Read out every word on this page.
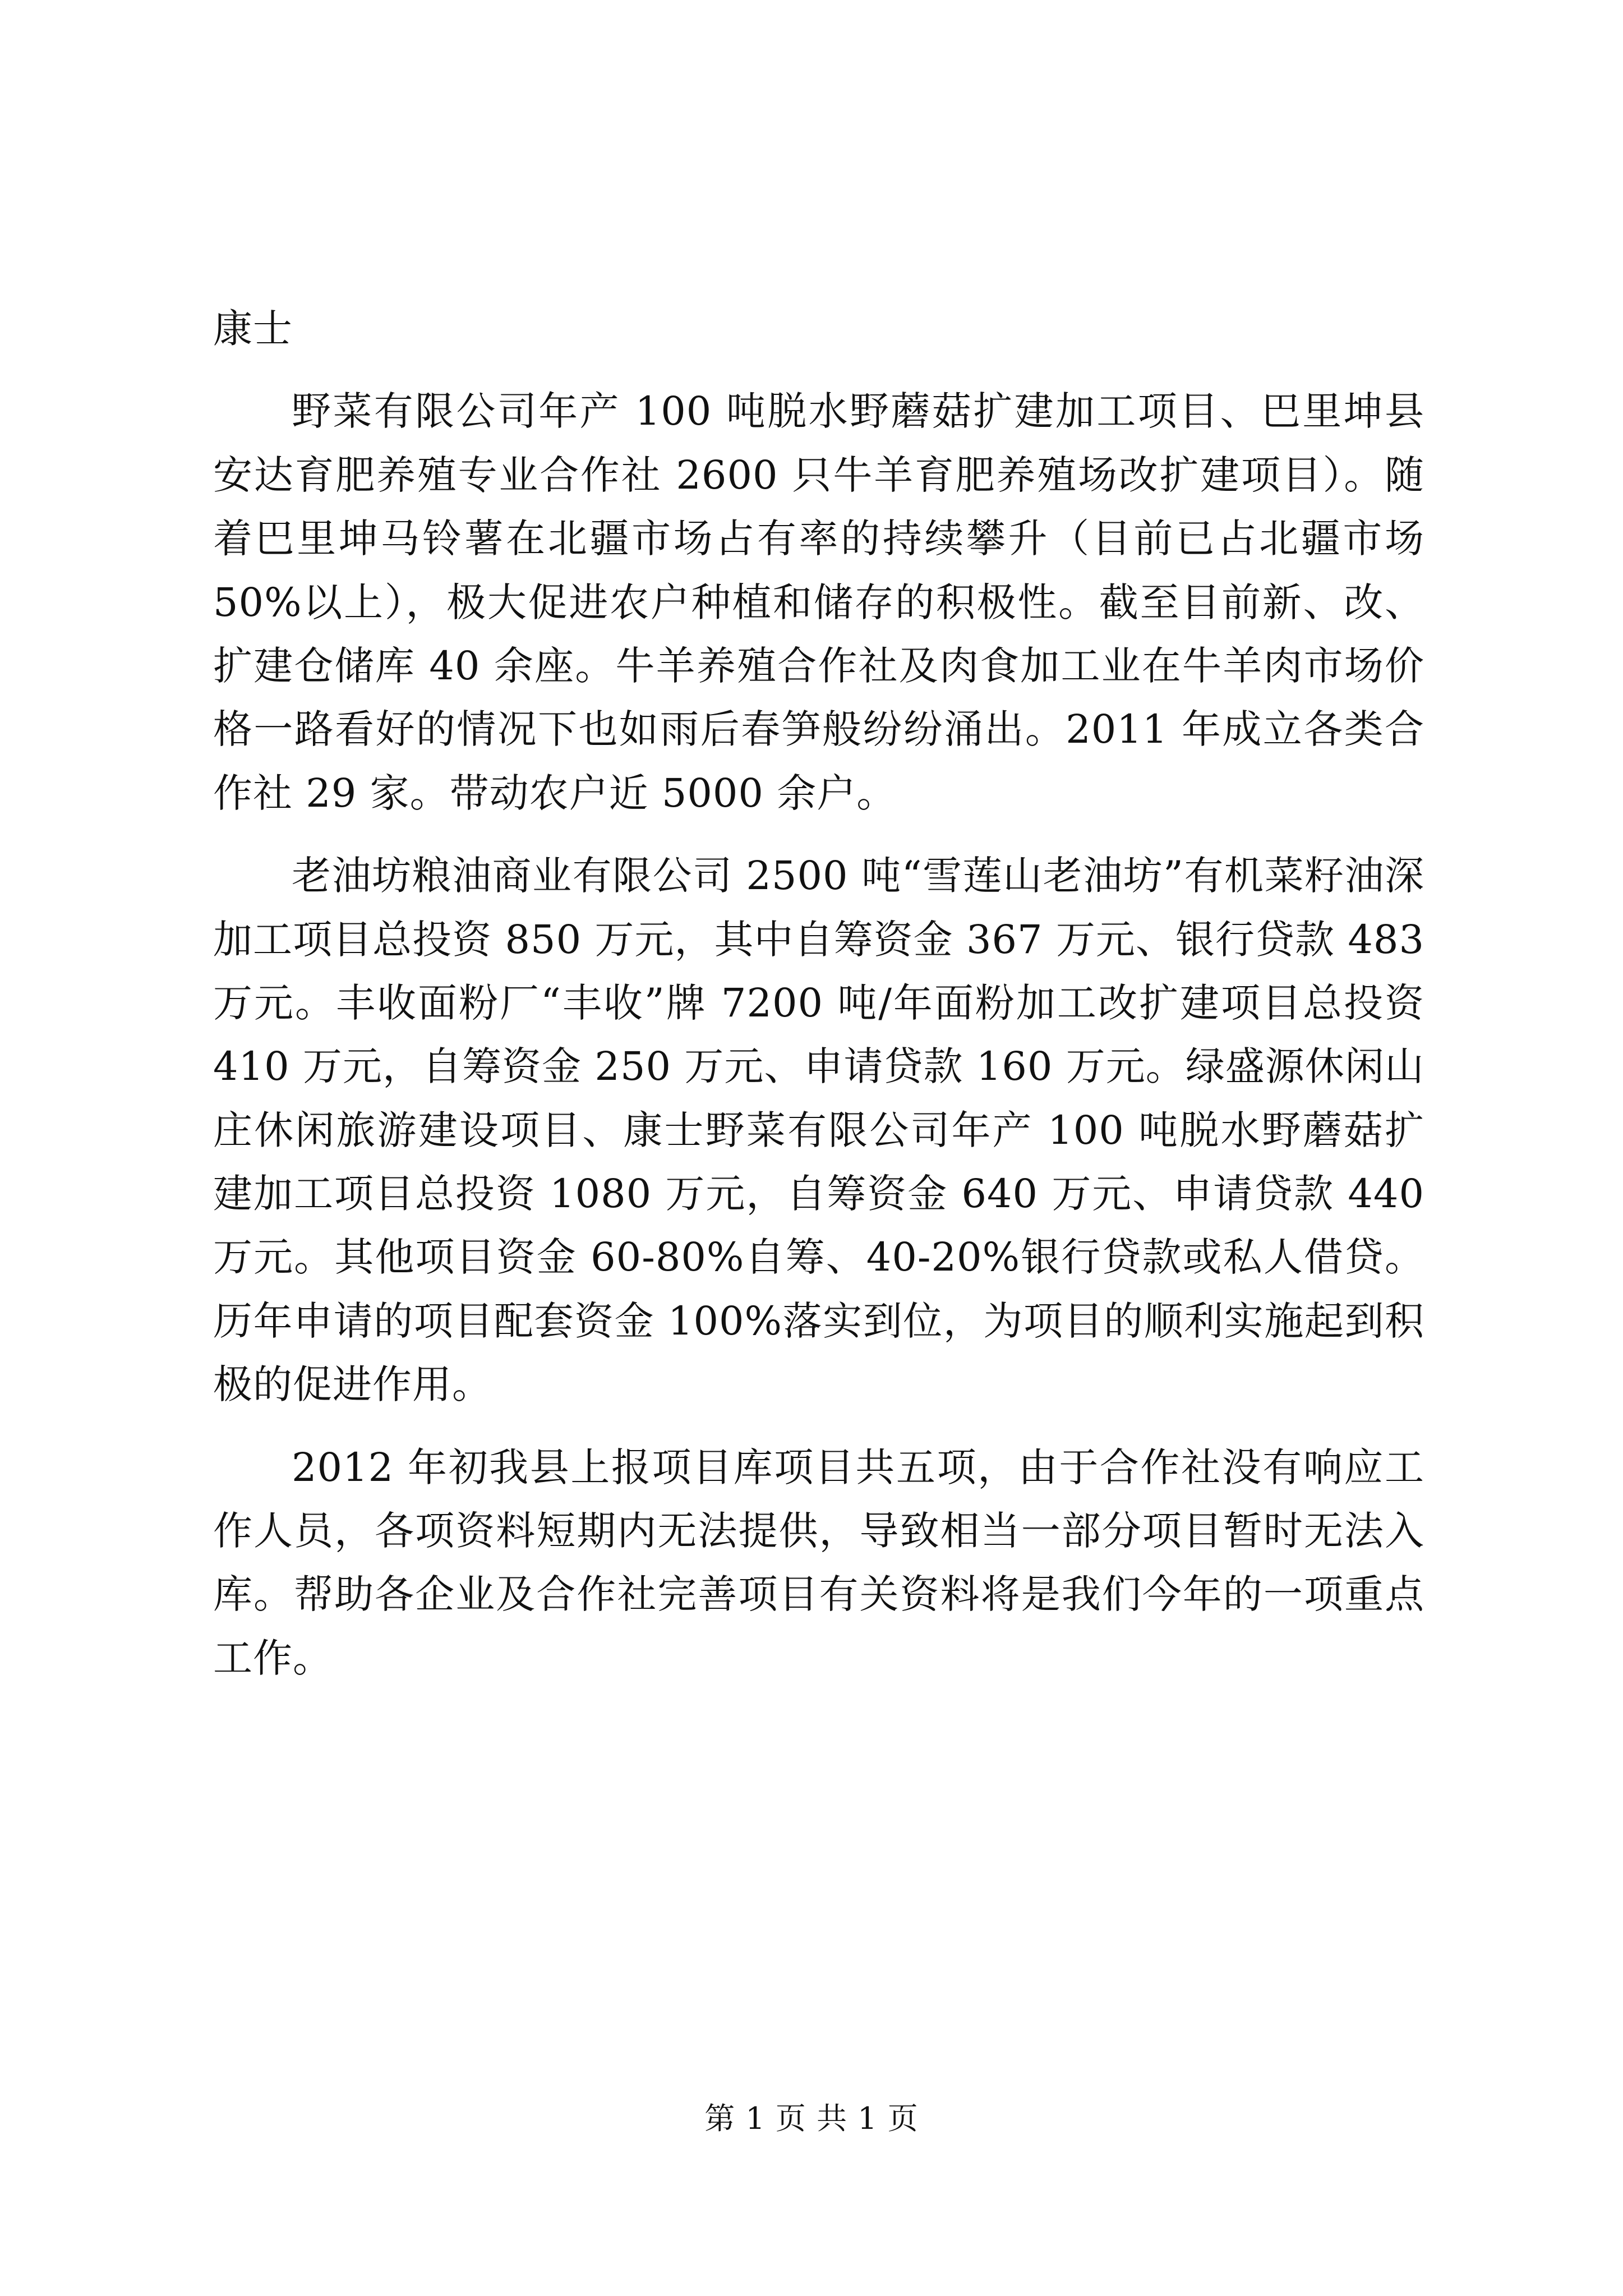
康士

野菜有限公司年产 100 吨脱水野蘑菇扩建加工项目、巴里坤县安达育肥养殖专业合作社 2600 只牛羊育肥养殖场改扩建项目）。随着巴里坤马铃薯在北疆市场占有率的持续攀升（目前已占北疆市场 50%以上），极大促进农户种植和储存的积极性。截至目前新、改、扩建仓储库 40 余座。牛羊养殖合作社及肉食加工业在牛羊肉市场价格一路看好的情况下也如雨后春笋般纷纷涌出。2011 年成立各类合作社 29 家。带动农户近 5000 余户。

老油坊粮油商业有限公司 2500 吨“雪莲山老油坊”有机菜籽油深加工项目总投资 850 万元，其中自筹资金 367 万元、银行贷款 483 万元。丰收面粉厂“丰收”牌 7200 吨/年面粉加工改扩建项目总投资 410 万元，自筹资金 250 万元、申请贷款 160 万元。绿盛源休闲山庄休闲旅游建设项目、康士野菜有限公司年产 100 吨脱水野蘑菇扩建加工项目总投资 1080 万元，自筹资金 640 万元、申请贷款 440 万元。其他项目资金 60-80%自筹、40-20%银行贷款或私人借贷。历年申请的项目配套资金 100%落实到位，为项目的顺利实施起到积极的促进作用。

2012 年初我县上报项目库项目共五项，由于合作社没有响应工作人员，各项资料短期内无法提供，导致相当一部分项目暂时无法入库。帮助各企业及合作社完善项目有关资料将是我们今年的一项重点工作。

第 1 页 共 1 页
